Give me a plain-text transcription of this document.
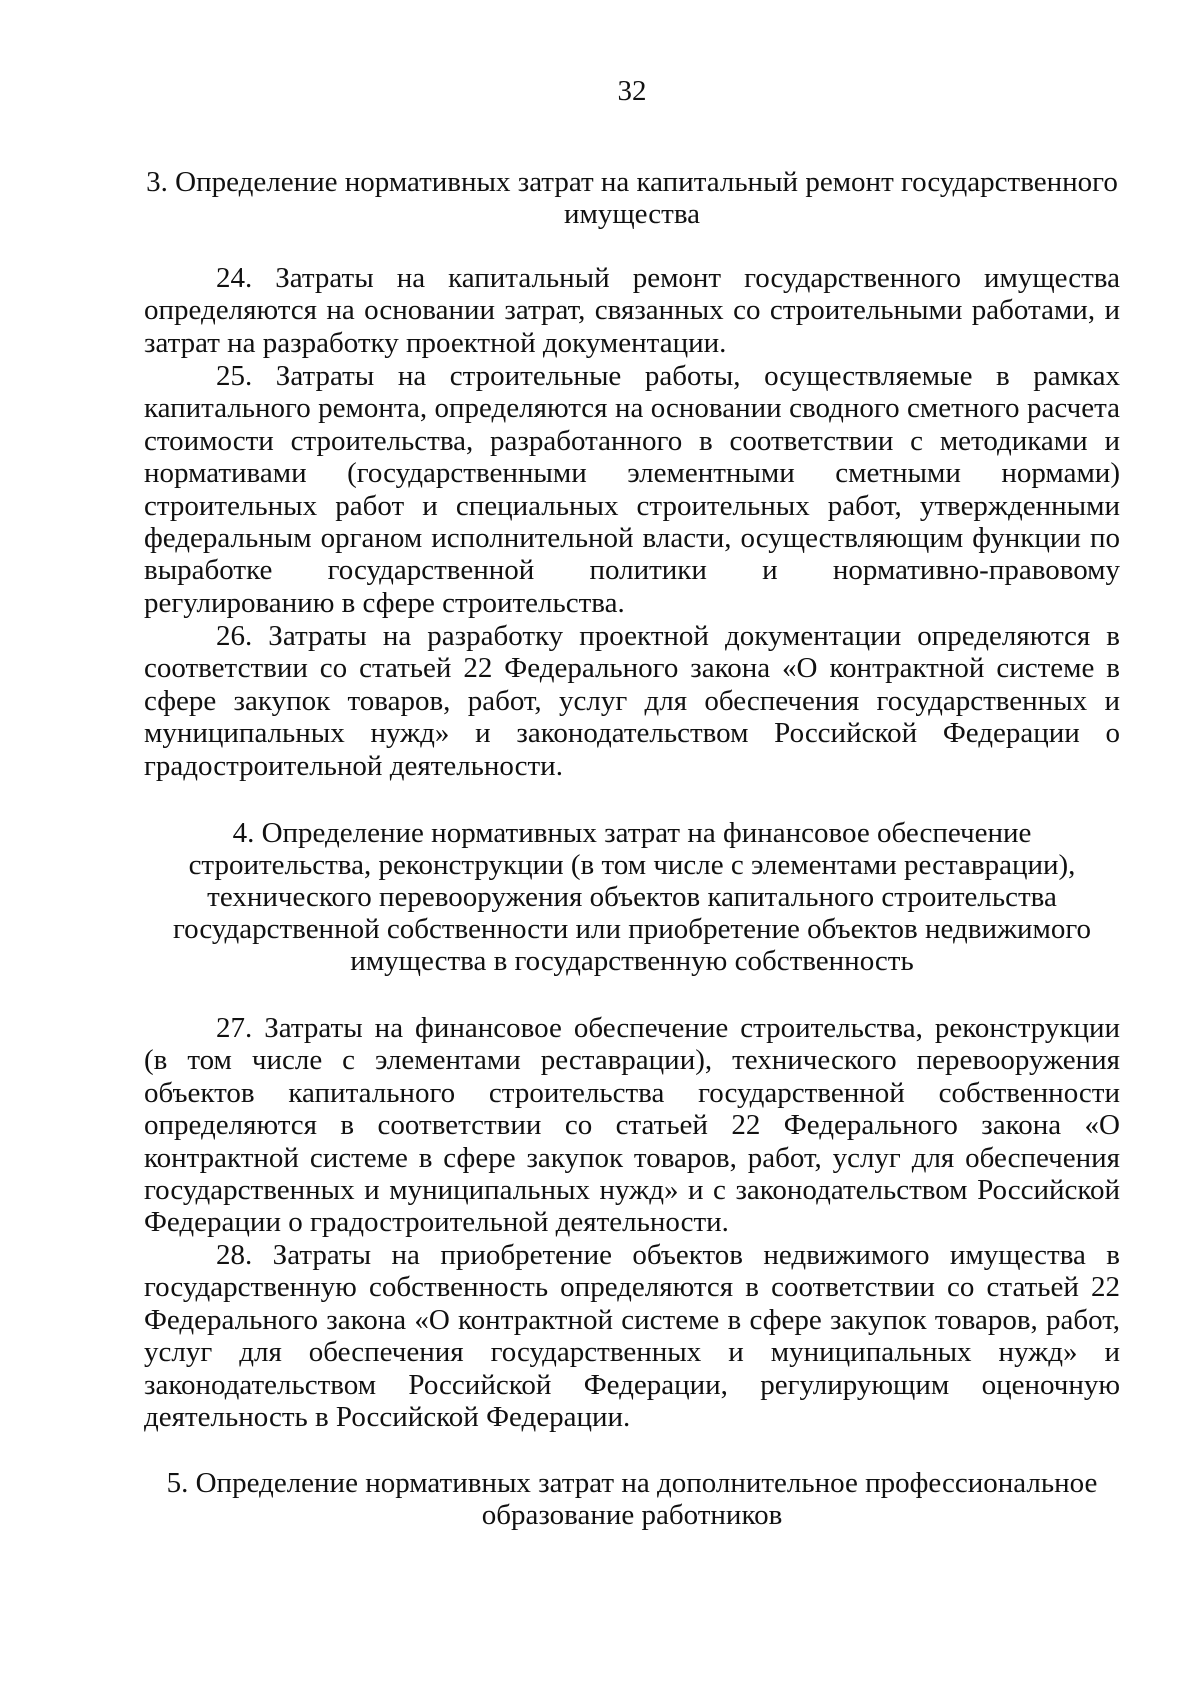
32
3. Определение нормативных затрат на капитальный ремонт государственного имущества
24. Затраты на капитальный ремонт государственного имущества определяются на основании затрат, связанных со строительными работами, и затрат на разработку проектной документации.
25. Затраты на строительные работы, осуществляемые в рамках капитального ремонта, определяются на основании сводного сметного расчета стоимости строительства, разработанного в соответствии с методиками и нормативами (государственными элементными сметными нормами) строительных работ и специальных строительных работ, утвержденными федеральным органом исполнительной власти, осуществляющим функции по выработке государственной политики и нормативно-правовому регулированию в сфере строительства.
26. Затраты на разработку проектной документации определяются в соответствии со статьей 22 Федерального закона «О контрактной системе в сфере закупок товаров, работ, услуг для обеспечения государственных и муниципальных нужд» и законодательством Российской Федерации о градостроительной деятельности.
4. Определение нормативных затрат на финансовое обеспечение строительства, реконструкции (в том числе с элементами реставрации), технического перевооружения объектов капитального строительства государственной собственности или приобретение объектов недвижимого имущества в государственную собственность
27. Затраты на финансовое обеспечение строительства, реконструкции (в том числе с элементами реставрации), технического перевооружения объектов капитального строительства государственной собственности определяются в соответствии со статьей 22 Федерального закона «О контрактной системе в сфере закупок товаров, работ, услуг для обеспечения государственных и муниципальных нужд» и с законодательством Российской Федерации о градостроительной деятельности.
28. Затраты на приобретение объектов недвижимого имущества в государственную собственность определяются в соответствии со статьей 22 Федерального закона «О контрактной системе в сфере закупок товаров, работ, услуг для обеспечения государственных и муниципальных нужд» и законодательством Российской Федерации, регулирующим оценочную деятельность в Российской Федерации.
5. Определение нормативных затрат на дополнительное профессиональное образование работников
